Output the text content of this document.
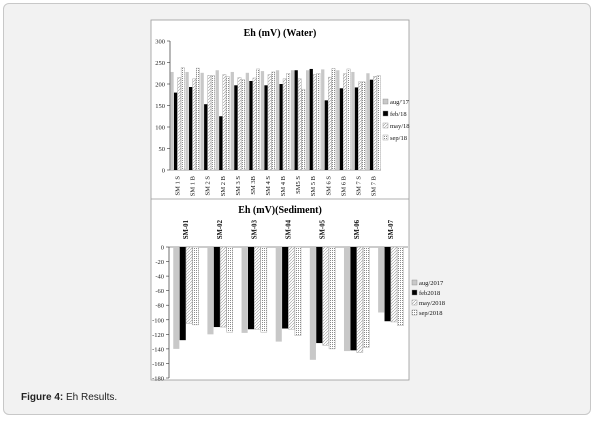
Eh (mV) (Water)
0
50
100
150
200
250
300
SM 1 S SM 1 B SM 2 S SM 2 B SM 3 S SM 3B SM 4 S SM 4 B SM5 S SM 5 B SM 6 S SM 6 B SM 7 S SM 7 B
aug/'17
feb/18
may/18
sep/18
Eh (mV)(Sediment)
0
-20
-40
-60
-80
-100
-120
-140
-160
-180
SM-01	SM-02	SM-03	SM-04	SM-05	SM-06	SM-07
aug/2017
feb2018
may/2018
sep/2018
Figure 4: Eh Results.
